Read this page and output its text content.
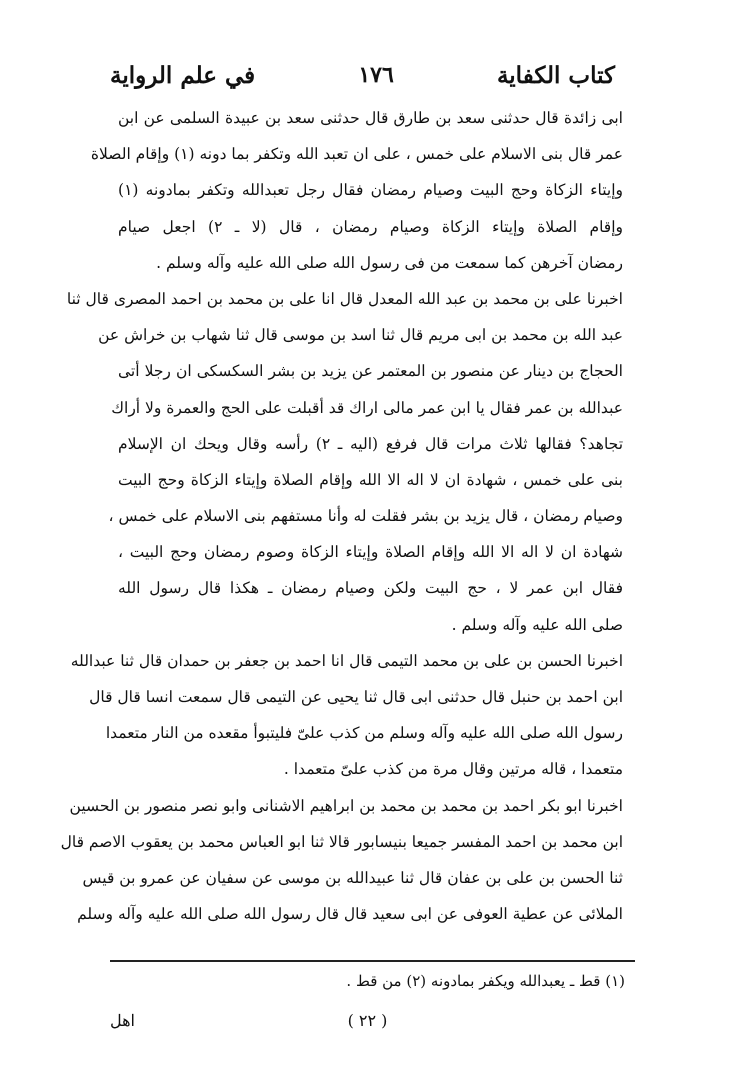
كتاب الكفاية
١٧٦
في علم الرواية
ابى زائدة قال حدثنى سعد بن طارق قال حدثنى سعد بن عبيدة السلمى عن ابن
عمر قال بنى الاسلام على خمس ، على ان تعبد الله وتكفر بما دونه (١) وإقام الصلاة
وإيتاء الزكاة وحج البيت وصيام رمضان فقال رجل تعبدالله وتكفر بمادونه (١)
وإقام الصلاة وإيتاء الزكاة وصيام رمضان ، قال (لا ـ ٢) اجعل صيام
رمضان آخرهن كما سمعت من فى رسول الله صلى الله عليه وآله وسلم .
اخبرنا على بن محمد بن عبد الله المعدل قال انا على بن محمد بن احمد المصرى قال ثنا
عبد الله بن محمد بن ابى مريم قال ثنا اسد بن موسى قال ثنا شهاب بن خراش عن
الحجاج بن دينار عن منصور بن المعتمر عن يزيد بن بشر السكسكى ان رجلا أتى
عبدالله بن عمر فقال يا ابن عمر مالى اراك قد أقبلت على الحج والعمرة ولا أراك
تجاهد؟ فقالها ثلاث مرات قال فرفع (اليه ـ ٢) رأسه وقال ويحك ان الإسلام
بنى على خمس ، شهادة ان لا اله الا الله وإقام الصلاة وإيتاء الزكاة وحج البيت
وصيام رمضان ، قال يزيد بن بشر فقلت له وأنا مستفهم بنى الاسلام على خمس ،
شهادة ان لا اله الا الله وإقام الصلاة وإيتاء الزكاة وصوم رمضان وحج البيت ،
فقال ابن عمر لا ، حج البيت ولكن وصيام رمضان ـ هكذا قال رسول الله
صلى الله عليه وآله وسلم .
اخبرنا الحسن بن على بن محمد التيمى قال انا احمد بن جعفر بن حمدان قال ثنا عبدالله
ابن احمد بن حنبل قال حدثنى ابى قال ثنا يحيى عن التيمى قال سمعت انسا قال قال
رسول الله صلى الله عليه وآله وسلم من كذب علىّ فليتبوأ مقعده من النار متعمدا
متعمدا ، قاله مرتين وقال مرة من كذب علىّ متعمدا .
اخبرنا ابو بكر احمد بن محمد بن محمد بن ابراهيم الاشنانى وابو نصر منصور بن الحسين
ابن محمد بن احمد المفسر جميعا بنيسابور قالا ثنا ابو العباس محمد بن يعقوب الاصم قال
ثنا الحسن بن على بن عفان قال ثنا عبيدالله بن موسى عن سفيان عن عمرو بن قيس
الملائى عن عطية العوفى عن ابى سعيد قال قال رسول الله صلى الله عليه وآله وسلم
(١) قط ـ يعبدالله ويكفر بمادونه (٢) من قط .
( ٢٢ )
اهل
